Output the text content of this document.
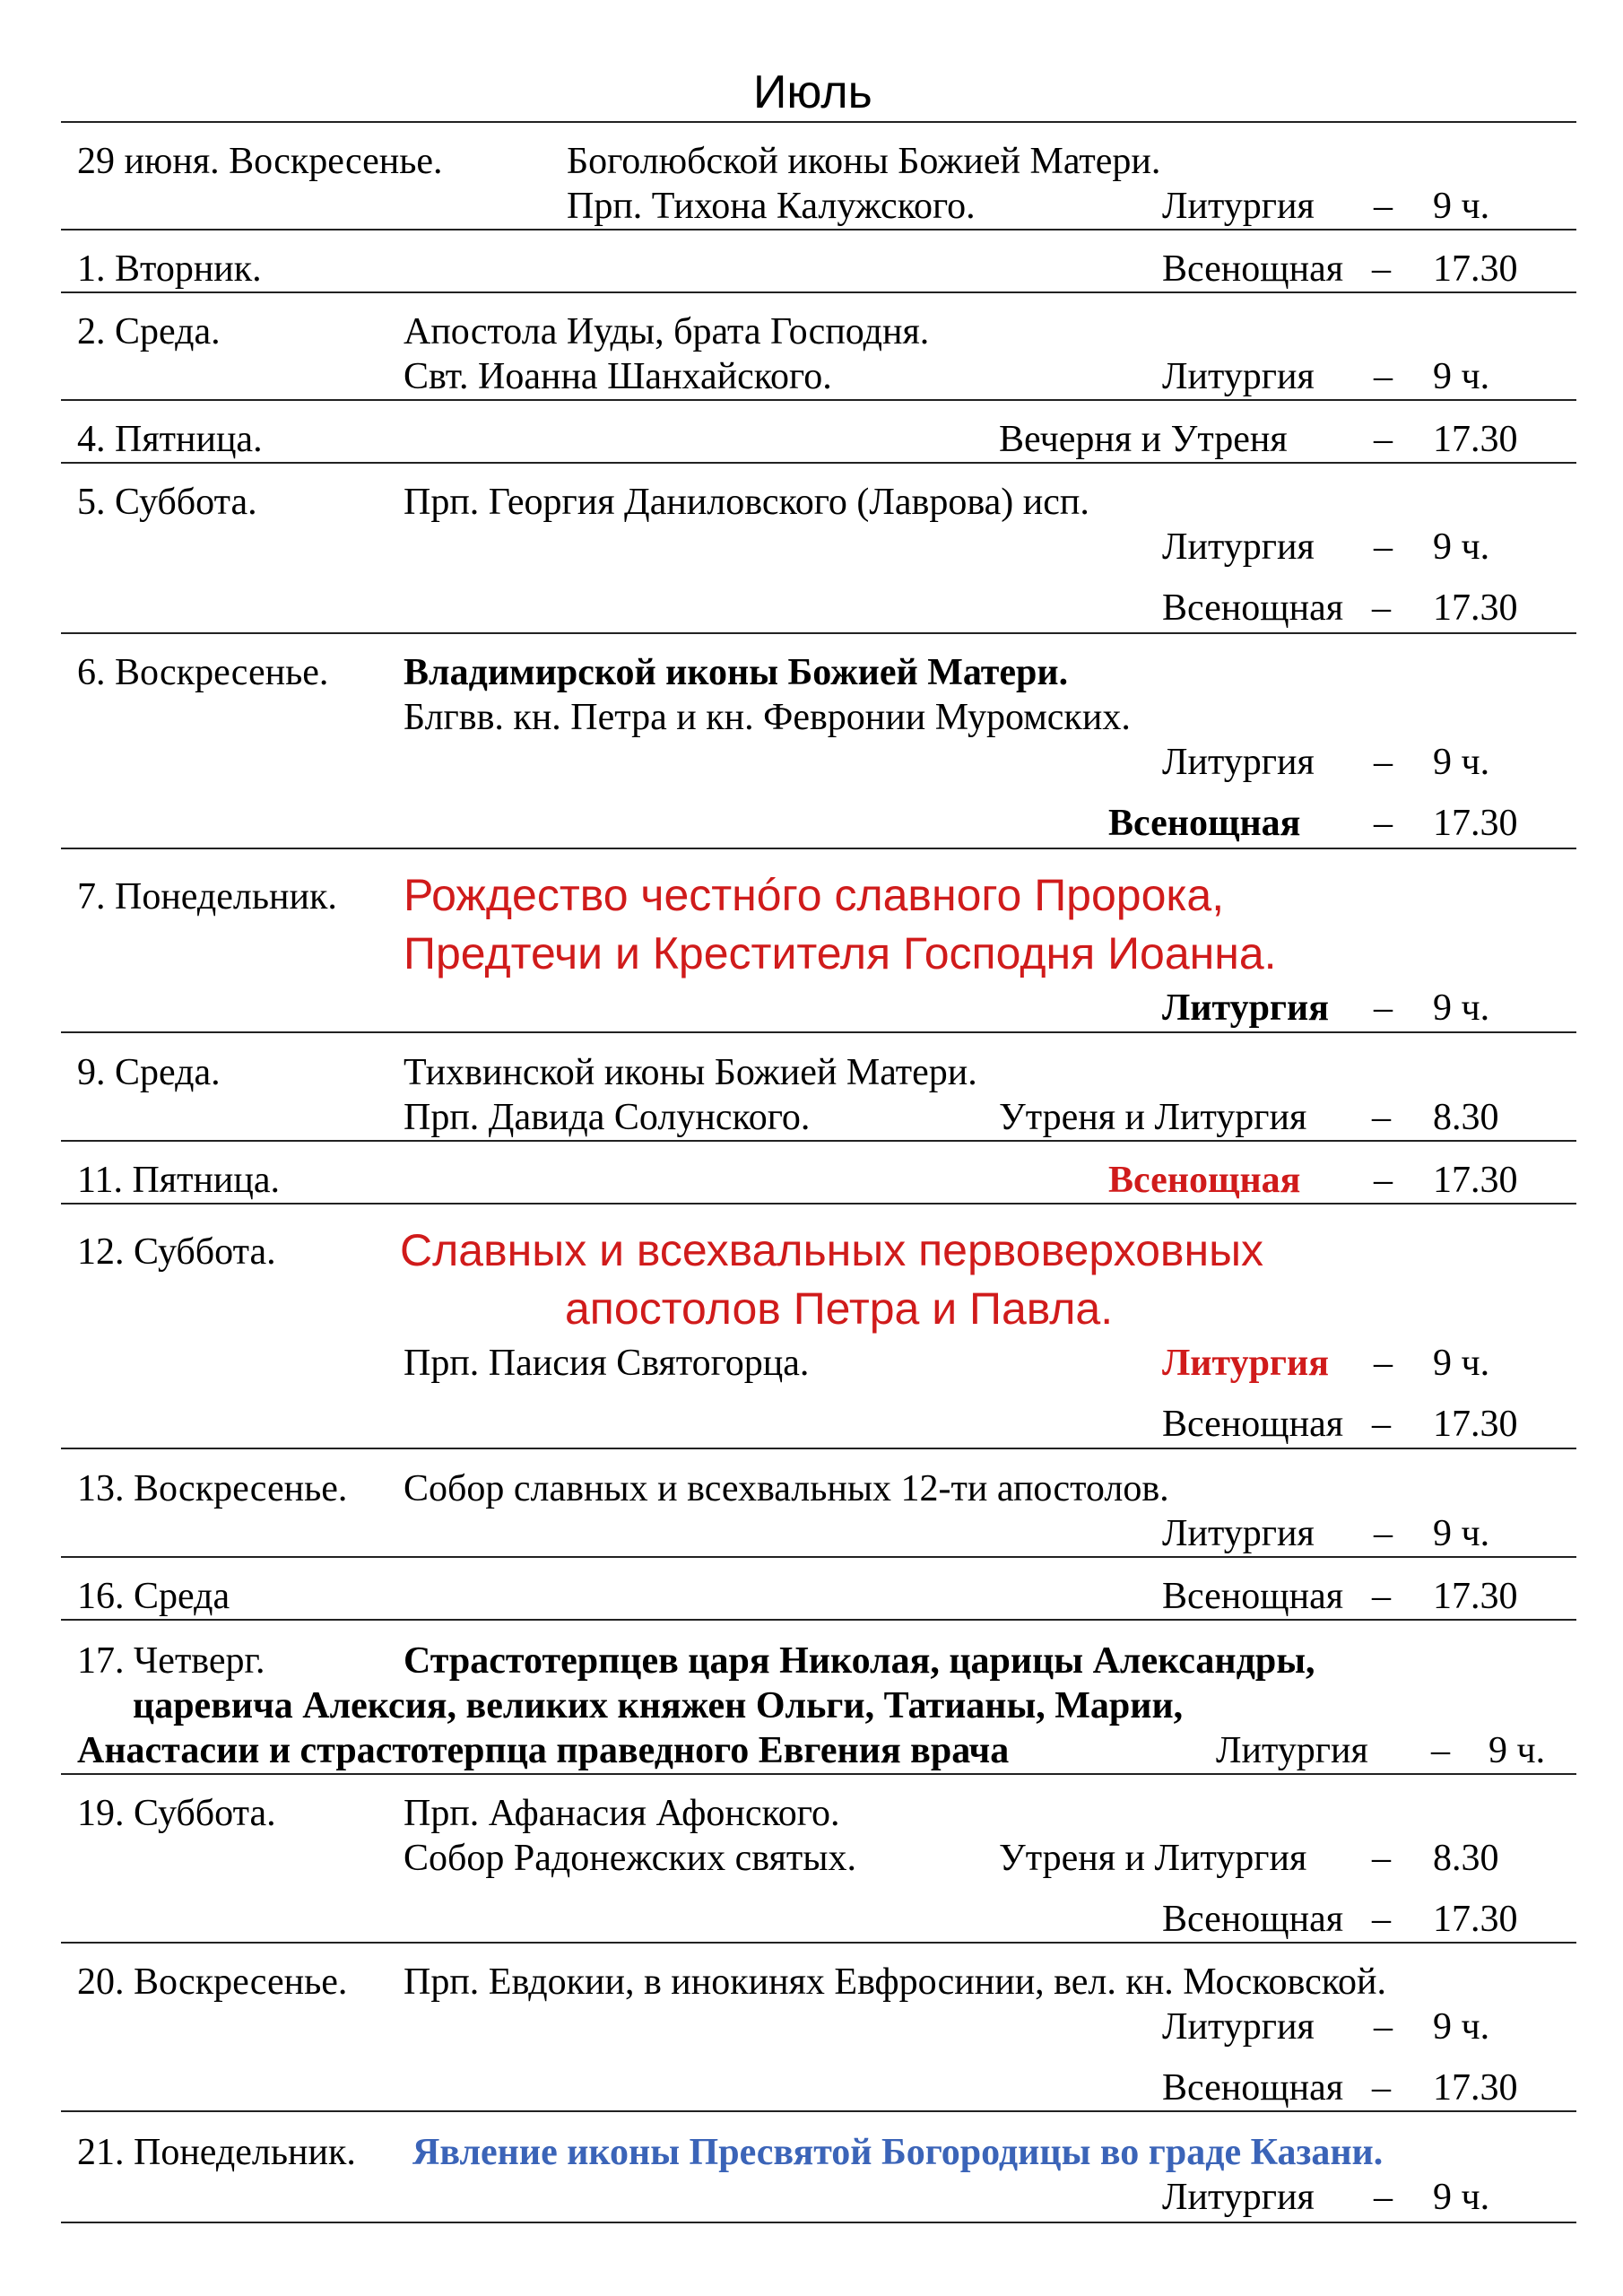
Июль
29 июня. Воскресенье.	Боголюбской иконы Божией Матери.
Прп. Тихона Калужского.	Литургия – 9 ч.
1. Вторник.	Всенощная – 17.30
2. Среда.	Апостола Иуды, брата Господня.
Свт. Иоанна Шанхайского.	Литургия – 9 ч.
4. Пятница.	Вечерня и Утреня – 17.30
5. Суббота.	Прп. Георгия Даниловского (Лаврова) исп.
Литургия – 9 ч.
Всенощная – 17.30
6. Воскресенье. Владимирской иконы Божией Матери.
Блгвв. кн. Петра и кн. Февронии Муромских.
Литургия – 9 ч.
Всенощная – 17.30
7. Понедельник. Рождество честнóго славного Пророка,
Предтечи и Крестителя Господня Иоанна.
Литургия – 9 ч.
9. Среда.	Тихвинской иконы Божией Матери.
Прп. Давида Солунского.	Утреня и Литургия – 8.30
11. Пятница.	Всенощная – 17.30
12. Суббота.	Славных и всехвальных первоверховных
апостолов Петра и Павла.
Прп. Паисия Святогорца.	Литургия – 9 ч.
Всенощная – 17.30
13. Воскресенье. Собор славных и всехвальных 12-ти апостолов.
Литургия – 9 ч.
16. Среда	Всенощная – 17.30
17. Четверг.	Страстотерпцев царя Николая, царицы Александры,
царевича Алексия, великих княжен Ольги, Татианы, Марии,
Анастасии и страстотерпца праведного Евгения врача	Литургия – 9 ч.
19. Суббота.	Прп. Афанасия Афонского.
Собор Радонежских святых.	Утреня и Литургия – 8.30
Всенощная – 17.30
20. Воскресенье. Прп. Евдокии, в инокинях Евфросинии, вел. кн. Московской.
Литургия – 9 ч.
Всенощная – 17.30
21. Понедельник. Явление иконы Пресвятой Богородицы во граде Казани.
Литургия – 9 ч.
